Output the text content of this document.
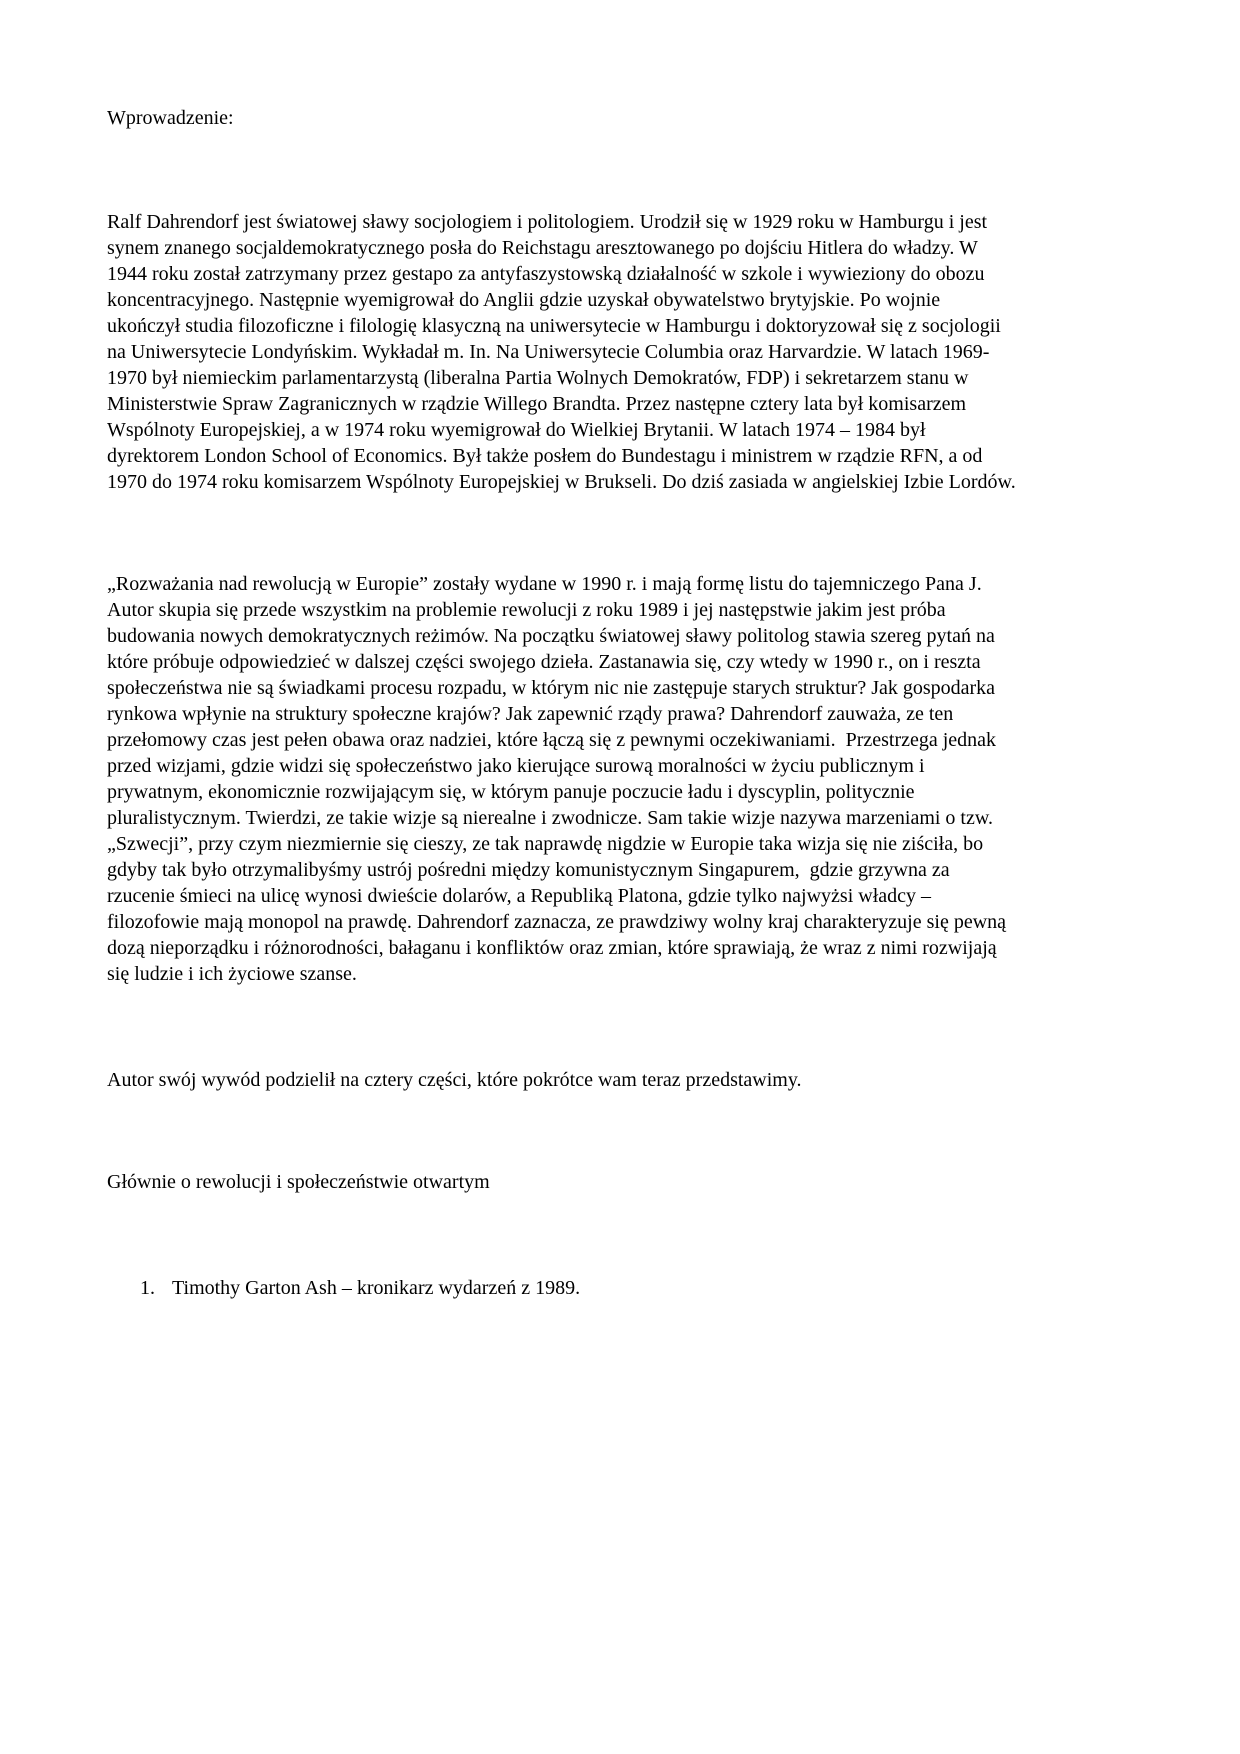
Wprowadzenie:

Ralf Dahrendorf jest światowej sławy socjologiem i politologiem. Urodził się w 1929 roku w Hamburgu i jest synem znanego socjaldemokratycznego posła do Reichstagu aresztowanego po dojściu Hitlera do władzy. W 1944 roku został zatrzymany przez gestapo za antyfaszystowską działalność w szkole i wywieziony do obozu koncentracyjnego. Następnie wyemigrował do Anglii gdzie uzyskał obywatelstwo brytyjskie. Po wojnie ukończył studia filozoficzne i filologię klasyczną na uniwersytecie w Hamburgu i doktoryzował się z socjologii na Uniwersytecie Londyńskim. Wykładał m. In. Na Uniwersytecie Columbia oraz Harvardzie. W latach 1969-1970 był niemieckim parlamentarzystą (liberalna Partia Wolnych Demokratów, FDP) i sekretarzem stanu w Ministerstwie Spraw Zagranicznych w rządzie Willego Brandta. Przez następne cztery lata był komisarzem Wspólnoty Europejskiej, a w 1974 roku wyemigrował do Wielkiej Brytanii. W latach 1974 – 1984 był dyrektorem London School of Economics. Był także posłem do Bundestagu i ministrem w rządzie RFN, a od 1970 do 1974 roku komisarzem Wspólnoty Europejskiej w Brukseli. Do dziś zasiada w angielskiej Izbie Lordów.

„Rozważania nad rewolucją w Europie” zostały wydane w 1990 r. i mają formę listu do tajemniczego Pana J. Autor skupia się przede wszystkim na problemie rewolucji z roku 1989 i jej następstwie jakim jest próba budowania nowych demokratycznych reżimów. Na początku światowej sławy politolog stawia szereg pytań na które próbuje odpowiedzieć w dalszej części swojego dzieła. Zastanawia się, czy wtedy w 1990 r., on i reszta społeczeństwa nie są świadkami procesu rozpadu, w którym nic nie zastępuje starych struktur? Jak gospodarka rynkowa wpłynie na struktury społeczne krajów? Jak zapewnić rządy prawa? Dahrendorf zauważa, ze ten przełomowy czas jest pełen obawa oraz nadziei, które łączą się z pewnymi oczekiwaniami.  Przestrzega jednak przed wizjami, gdzie widzi się społeczeństwo jako kierujące surową moralności w życiu publicznym i prywatnym, ekonomicznie rozwijającym się, w którym panuje poczucie ładu i dyscyplin, politycznie pluralistycznym. Twierdzi, ze takie wizje są nierealne i zwodnicze. Sam takie wizje nazywa marzeniami o tzw. „Szwecji”, przy czym niezmiernie się cieszy, ze tak naprawdę nigdzie w Europie taka wizja się nie ziściła, bo gdyby tak było otrzymalibyśmy ustrój pośredni między komunistycznym Singapurem,  gdzie grzywna za rzucenie śmieci na ulicę wynosi dwieście dolarów, a Republiką Platona, gdzie tylko najwyżsi władcy – filozofowie mają monopol na prawdę. Dahrendorf zaznacza, ze prawdziwy wolny kraj charakteryzuje się pewną dozą nieporządku i różnorodności, bałaganu i konfliktów oraz zmian, które sprawiają, że wraz z nimi rozwijają się ludzie i ich życiowe szanse.

Autor swój wywód podzielił na cztery części, które pokrótce wam teraz przedstawimy.

Głównie o rewolucji i społeczeństwie otwartym

1. Timothy Garton Ash – kronikarz wydarzeń z 1989.
